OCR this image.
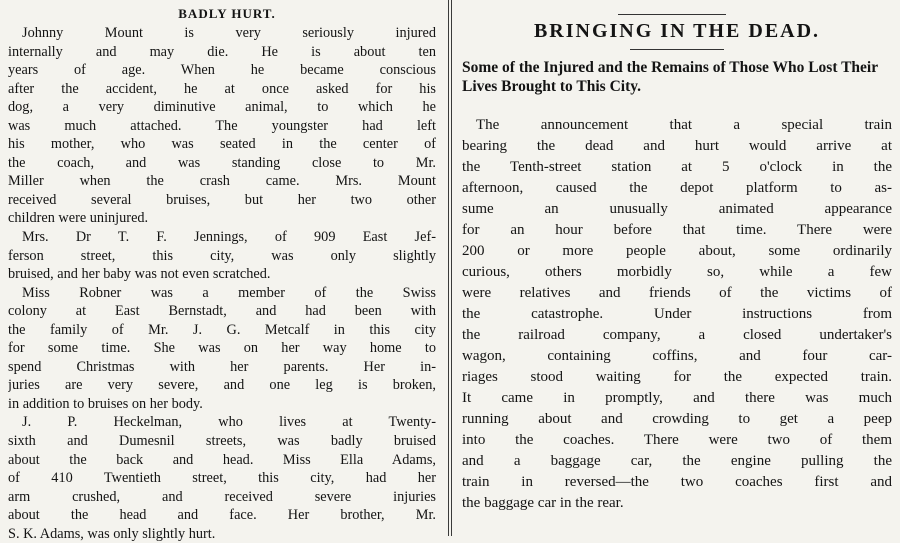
BADLY HURT.
Johnny Mount is very seriously injured
internally and may die. He is about ten
years of age. When he became conscious
after the accident, he at once asked for his
dog, a very diminutive animal, to which he
was much attached. The youngster had left
his mother, who was seated in the center of
the coach, and was standing close to Mr.
Miller when the crash came. Mrs. Mount
received several bruises, but her two other
children were uninjured.
Mrs. Dr T. F. Jennings, of 909 East Jef-
ferson street, this city, was only slightly
bruised, and her baby was not even scratched.
Miss Robner was a member of the Swiss
colony at East Bernstadt, and had been with
the family of Mr. J. G. Metcalf in this city
for some time. She was on her way home to
spend Christmas with her parents. Her in-
juries are very severe, and one leg is broken,
in addition to bruises on her body.
J. P. Heckelman, who lives at Twenty-
sixth and Dumesnil streets, was badly bruised
about the back and head. Miss Ella Adams,
of 410 Twentieth street, this city, had her
arm crushed, and received severe injuries
about the head and face. Her brother, Mr.
S. K. Adams, was only slightly hurt.
BRINGING IN THE DEAD.
Some of the Injured and the Remains of Those Who Lost Their Lives Brought to This City.
The announcement that a special train
bearing the dead and hurt would arrive at
the Tenth-street station at 5 o'clock in the
afternoon, caused the depot platform to as-
sume an unusually animated appearance
for an hour before that time. There were
200 or more people about, some ordinarily
curious, others morbidly so, while a few
were relatives and friends of the victims of
the catastrophe. Under instructions from
the railroad company, a closed undertaker's
wagon, containing coffins, and four car-
riages stood waiting for the expected train.
It came in promptly, and there was much
running about and crowding to get a peep
into the coaches. There were two of them
and a baggage car, the engine pulling the
train in reversed—the two coaches first and
the baggage car in the rear.
